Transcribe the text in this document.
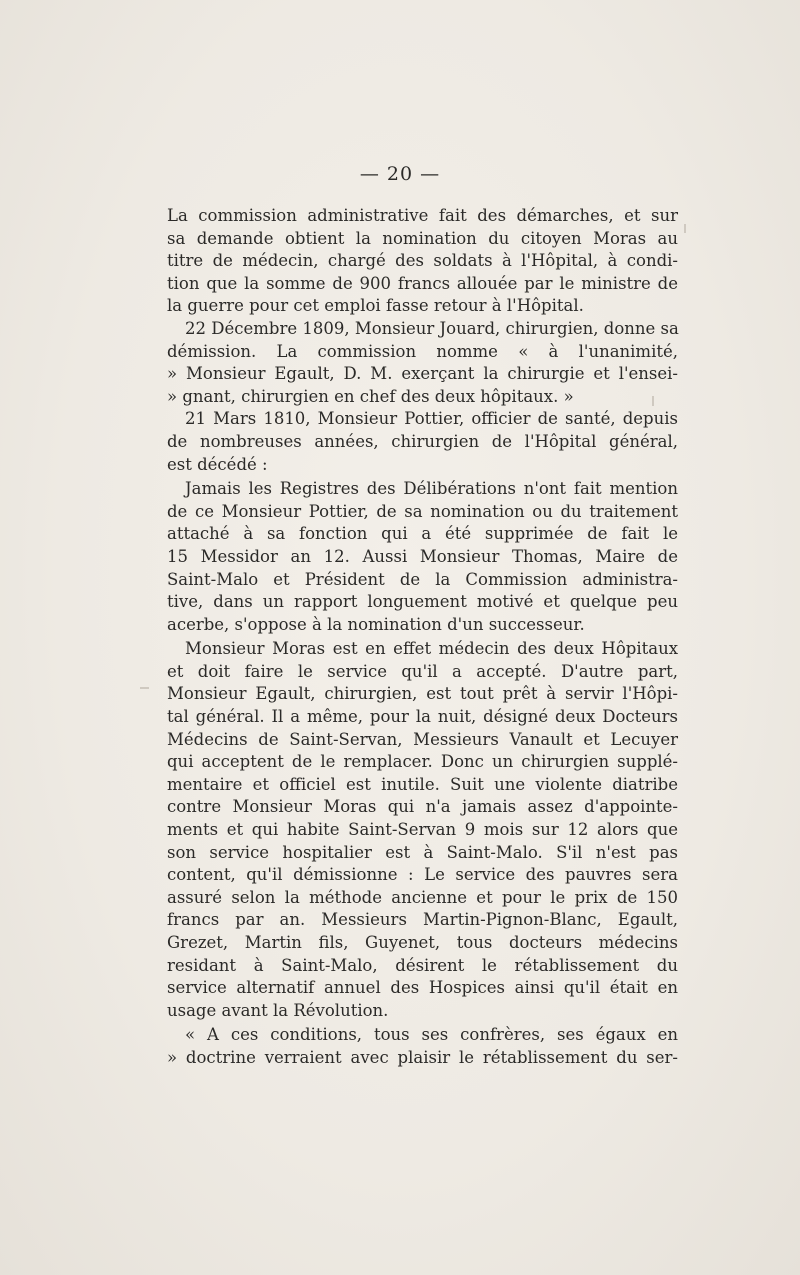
— 20 —

La commission administrative fait des démarches, et sur
sa demande obtient la nomination du citoyen Moras au
titre de médecin, chargé des soldats à l'Hôpital, à condi-
tion que la somme de 900 francs allouée par le ministre de
la guerre pour cet emploi fasse retour à l'Hôpital.

22 Décembre 1809, Monsieur Jouard, chirurgien, donne sa
démission. La commission nomme « à l'unanimité,
» Monsieur Egault, D. M. exerçant la chirurgie et l'ensei-
» gnant, chirurgien en chef des deux hôpitaux. »

21 Mars 1810, Monsieur Pottier, officier de santé, depuis
de nombreuses années, chirurgien de l'Hôpital général,
est décédé :

Jamais les Registres des Délibérations n'ont fait mention
de ce Monsieur Pottier, de sa nomination ou du traitement
attaché à sa fonction qui a été supprimée de fait le
15 Messidor an 12. Aussi Monsieur Thomas, Maire de
Saint-Malo et Président de la Commission administra-
tive, dans un rapport longuement motivé et quelque peu
acerbe, s'oppose à la nomination d'un successeur.

Monsieur Moras est en effet médecin des deux Hôpitaux
et doit faire le service qu'il a accepté. D'autre part,
Monsieur Egault, chirurgien, est tout prêt à servir l'Hôpi-
tal général. Il a même, pour la nuit, désigné deux Docteurs
Médecins de Saint-Servan, Messieurs Vanault et Lecuyer
qui acceptent de le remplacer. Donc un chirurgien supplé-
mentaire et officiel est inutile. Suit une violente diatribe
contre Monsieur Moras qui n'a jamais assez d'appointe-
ments et qui habite Saint-Servan 9 mois sur 12 alors que
son service hospitalier est à Saint-Malo. S'il n'est pas
content, qu'il démissionne : Le service des pauvres sera
assuré selon la méthode ancienne et pour le prix de 150
francs par an. Messieurs Martin-Pignon-Blanc, Egault,
Grezet, Martin fils, Guyenet, tous docteurs médecins
residant à Saint-Malo, désirent le rétablissement du
service alternatif annuel des Hospices ainsi qu'il était en
usage avant la Révolution.

« A ces conditions, tous ses confrères, ses égaux en
» doctrine verraient avec plaisir le rétablissement du ser-
